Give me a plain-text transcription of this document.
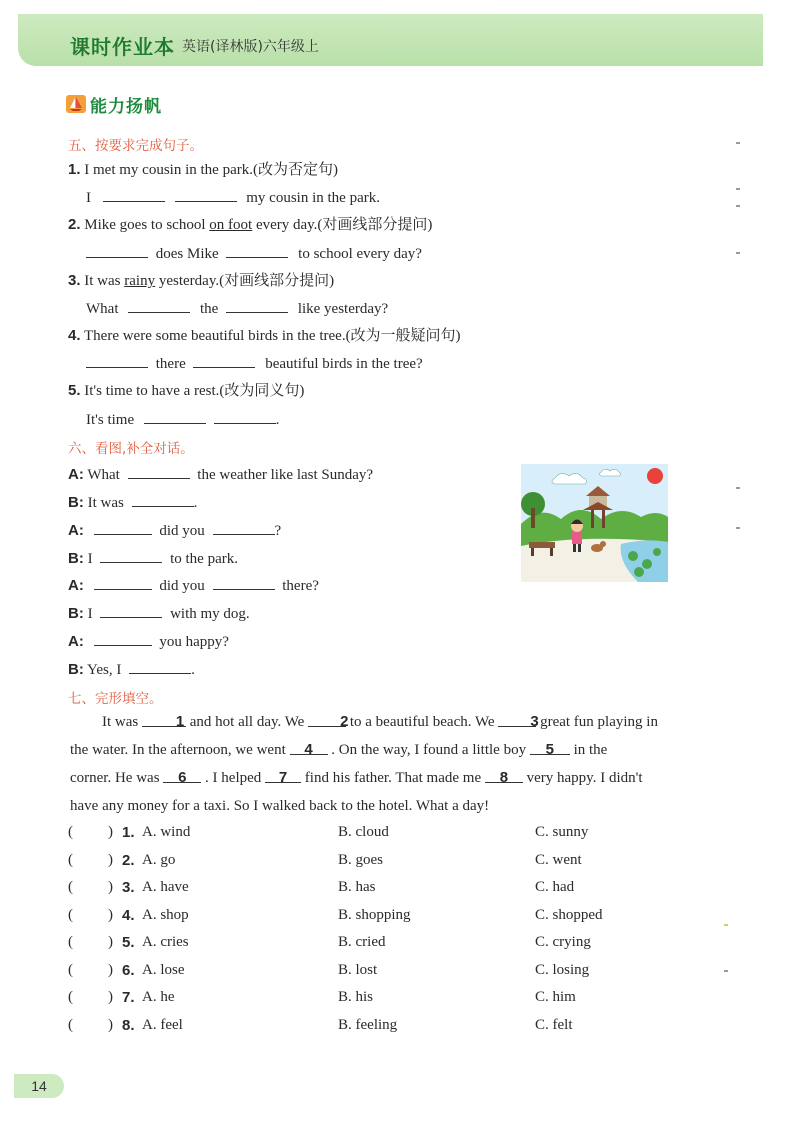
课时作业本 英语(译林版)六年级上
能力扬帆
五、按要求完成句子。
1. I met my cousin in the park.(改为否定句)
I	my cousin in the park.
2. Mike goes to school on foot every day.(对画线部分提问)
does Mike	to school every day?
3. It was rainy yesterday.(对画线部分提问)
What	the	like yesterday?
4. There were some beautiful birds in the tree.(改为一般疑问句)
there	beautiful birds in the tree?
5. It's time to have a rest.(改为同义句)
It's time	.
六、看图,补全对话。
A: What	the weather like last Sunday?
B: It was	.
A:	did you	?
B: I	to the park.
A:	did you	there?
B: I	with my dog.
A:	you happy?
B: Yes, I	.
七、完形填空。
It was 1 and hot all day. We 2 to a beautiful beach. We 3 great fun playing in
the water. In the afternoon, we went 4 . On the way, I found a little boy 5 in the
corner. He was 6 . I helped 7 find his father. That made me 8 very happy. I didn't
have any money for a taxi. So I walked back to the hotel. What a day!
( ) 1. A. wind	B. cloud	C. sunny
( ) 2. A. go	B. goes	C. went
( ) 3. A. have	B. has	C. had
( ) 4. A. shop	B. shopping	C. shopped
( ) 5. A. cries	B. cried	C. crying
( ) 6. A. lose	B. lost	C. losing
( ) 7. A. he	B. his	C. him
( ) 8. A. feel	B. feeling	C. felt
14
